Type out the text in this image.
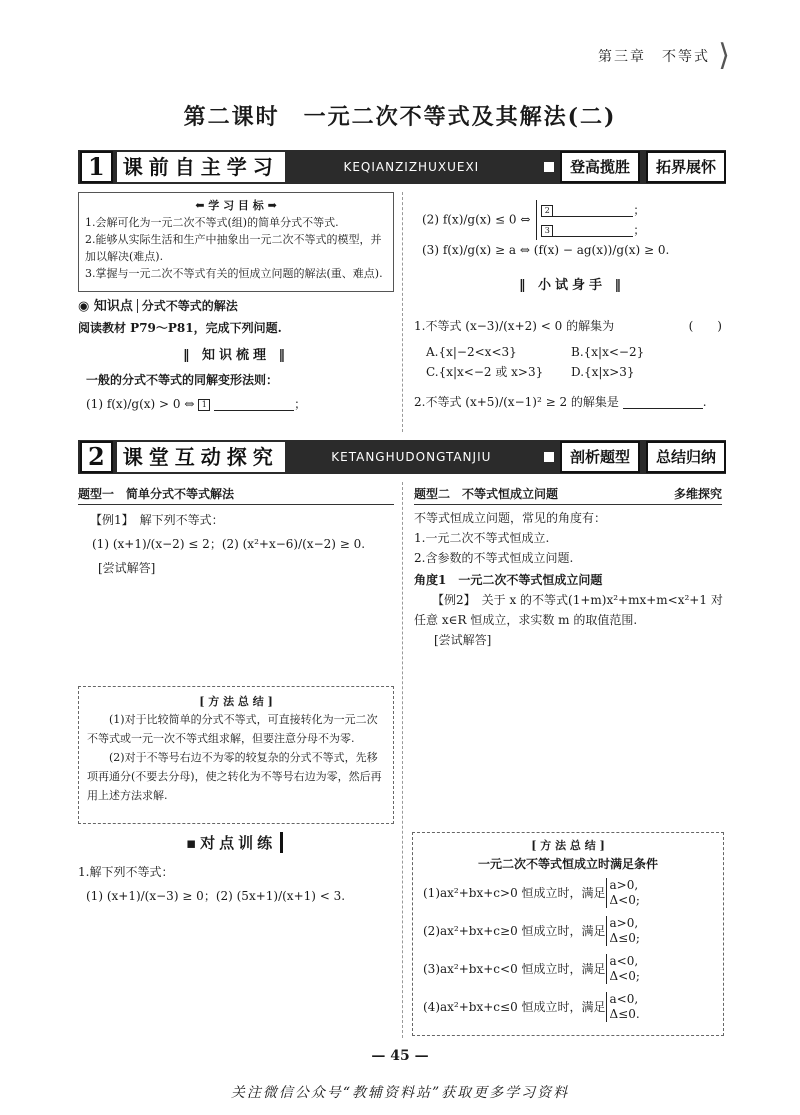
第三章　不等式 ⟩
第二课时　一元二次不等式及其解法(二)
1 课前自主学习	KEQIANZIZHUXUEXI	登高揽胜	拓界展怀
⬅ 学 习 目 标 ➡
1.会解可化为一元二次不等式(组)的简单分式不等式.
2.能够从实际生活和生产中抽象出一元二次不等式的模型，并加以解决(难点).
3.掌握与一元二次不等式有关的恒成立问题的解法(重、难点).
◉ 知识点 分式不等式的解法
阅读教材 P79～P81，完成下列问题.
‖ 知识梳理 ‖
一般的分式不等式的同解变形法则：
(1) f(x)/g(x) > 0 ⇔ 1	；
(2) f(x)/g(x) ≤ 0 ⇔ 2	；
3	；
(3) f(x)/g(x) ≥ a ⇔ (f(x) − ag(x))/g(x) ≥ 0.
‖ 小试身手 ‖
1.不等式 (x−3)/(x+2) < 0 的解集为	(　　)
A.{x|−2<x<3}	B.{x|x<−2}
C.{x|x<−2 或 x>3}	D.{x|x>3}
2.不等式 (x+5)/(x−1)² ≥ 2 的解集是	.
2 课堂互动探究	KETANGHUDONGTANJIU	剖析题型	总结归纳
题型一　简单分式不等式解法
【例1】　解下列不等式：
(1) (x+1)/(x−2) ≤ 2；(2) (x²+x−6)/(x−2) ≥ 0.
[尝试解答]
[ 方 法 总 结 ]
(1)对于比较简单的分式不等式，可直接转化为一元二次不等式或一元一次不等式组求解，但要注意分母不为零.
(2)对于不等号右边不为零的较复杂的分式不等式，先移项再通分(不要去分母)，使之转化为不等号右边为零，然后再用上述方法求解.
▪对点训练
1.解下列不等式：
(1) (x+1)/(x−3) ≥ 0；(2) (5x+1)/(x+1) < 3.
题型二　不等式恒成立问题	多维探究
不等式恒成立问题，常见的角度有：
1.一元二次不等式恒成立.
2.含参数的不等式恒成立问题.
角度1　一元二次不等式恒成立问题
【例2】　关于 x 的不等式(1+m)x²+mx+m<x²+1 对任意 x∈R 恒成立，求实数 m 的取值范围.
[尝试解答]
[ 方 法 总 结 ]
一元二次不等式恒成立时满足条件
(1)ax²+bx+c>0 恒成立时，满足
a>0,
Δ<0;
(2)ax²+bx+c≥0 恒成立时，满足
a>0,
Δ≤0;
(3)ax²+bx+c<0 恒成立时，满足
a<0,
Δ<0;
(4)ax²+bx+c≤0 恒成立时，满足
a<0,
Δ≤0.
— 45 —
关注微信公众号“教辅资料站”获取更多学习资料
